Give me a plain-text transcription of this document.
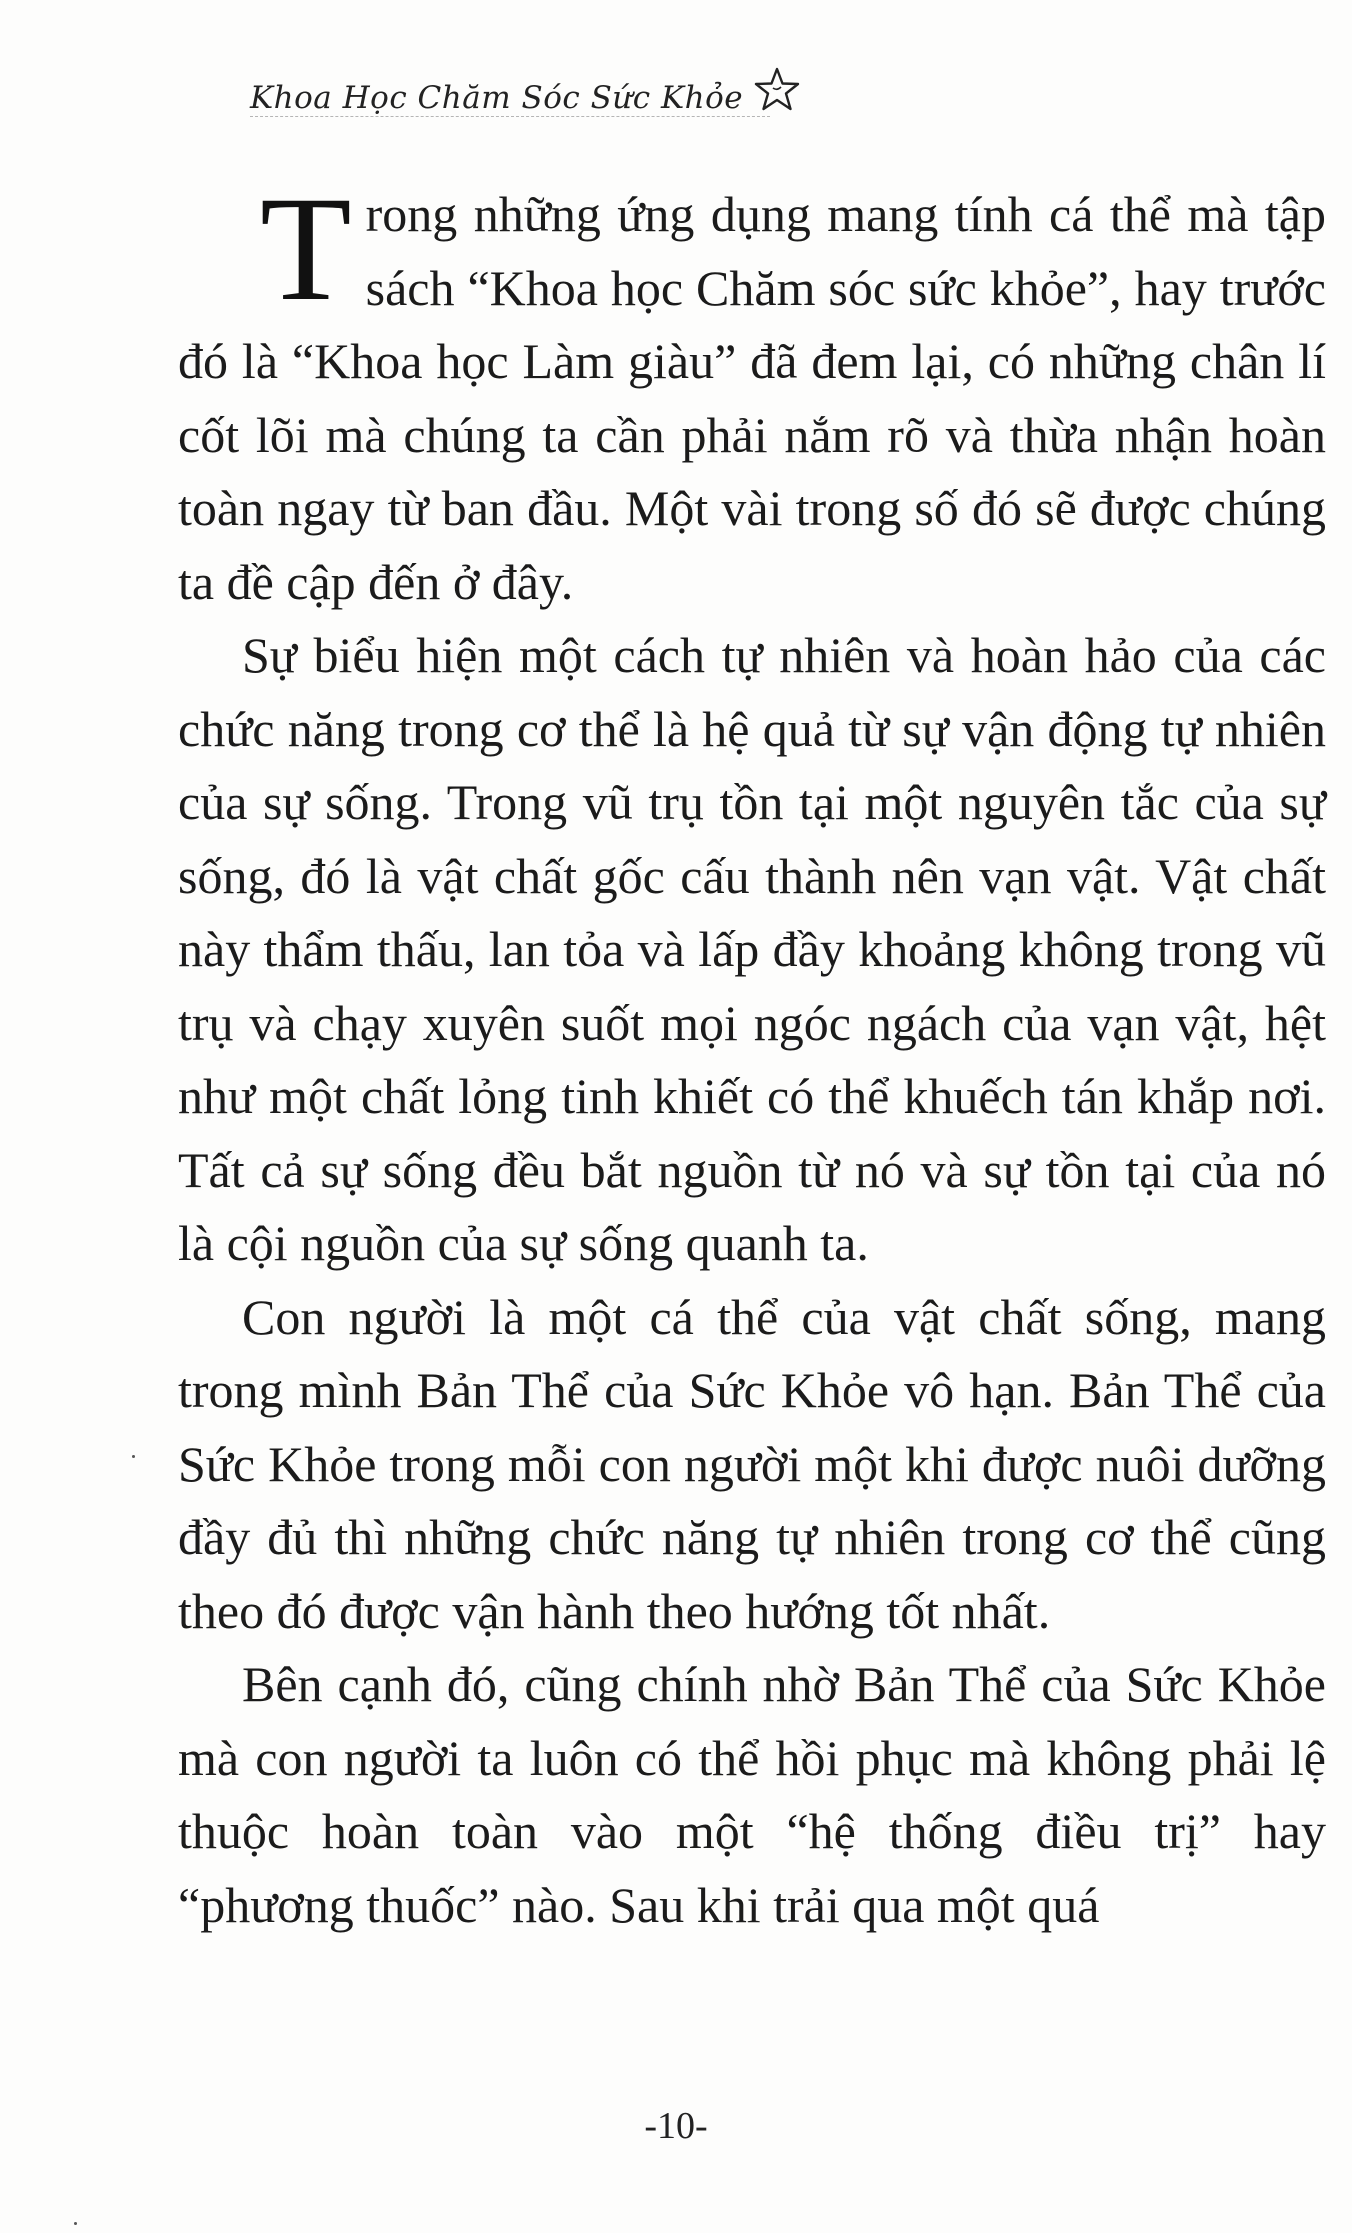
Khoa Học Chăm Sóc Sức Khỏe

Trong những ứng dụng mang tính cá thể mà tập sách “Khoa học Chăm sóc sức khỏe”, hay trước đó là “Khoa học Làm giàu” đã đem lại, có những chân lí cốt lõi mà chúng ta cần phải nắm rõ và thừa nhận hoàn toàn ngay từ ban đầu. Một vài trong số đó sẽ được chúng ta đề cập đến ở đây.

Sự biểu hiện một cách tự nhiên và hoàn hảo của các chức năng trong cơ thể là hệ quả từ sự vận động tự nhiên của sự sống. Trong vũ trụ tồn tại một nguyên tắc của sự sống, đó là vật chất gốc cấu thành nên vạn vật. Vật chất này thẩm thấu, lan tỏa và lấp đầy khoảng không trong vũ trụ và chạy xuyên suốt mọi ngóc ngách của vạn vật, hệt như một chất lỏng tinh khiết có thể khuếch tán khắp nơi. Tất cả sự sống đều bắt nguồn từ nó và sự tồn tại của nó là cội nguồn của sự sống quanh ta.

Con người là một cá thể của vật chất sống, mang trong mình Bản Thể của Sức Khỏe vô hạn. Bản Thể của Sức Khỏe trong mỗi con người một khi được nuôi dưỡng đầy đủ thì những chức năng tự nhiên trong cơ thể cũng theo đó được vận hành theo hướng tốt nhất.

Bên cạnh đó, cũng chính nhờ Bản Thể của Sức Khỏe mà con người ta luôn có thể hồi phục mà không phải lệ thuộc hoàn toàn vào một “hệ thống điều trị” hay “phương thuốc” nào. Sau khi trải qua một quá

-10-
